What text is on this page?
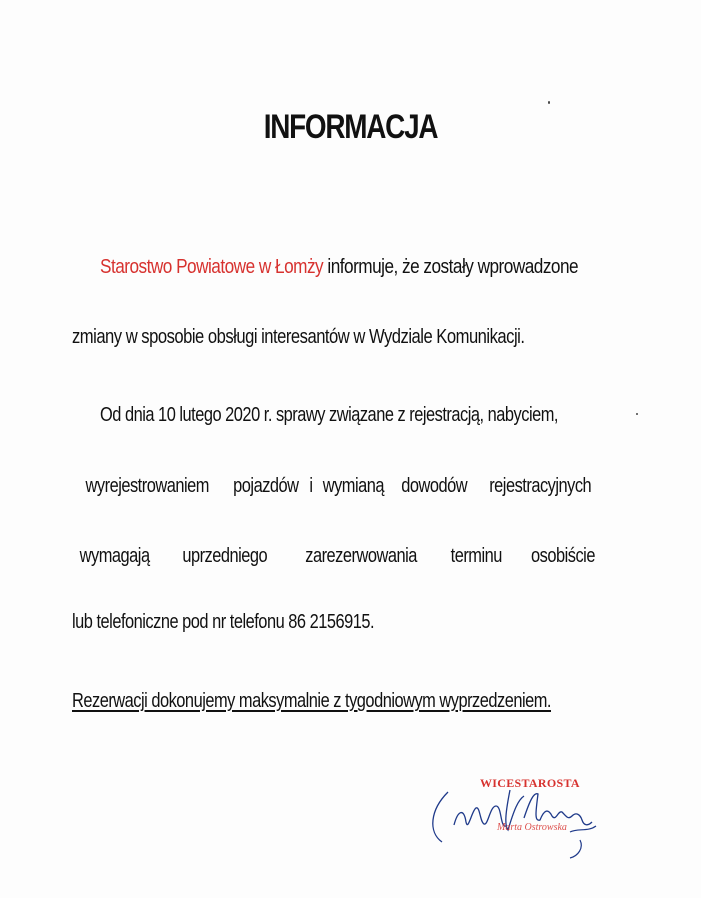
INFORMACJA
Starostwo Powiatowe w Łomży informuje, że zostały wprowadzone
zmiany w sposobie obsługi interesantów w Wydziale Komunikacji.
Od dnia 10 lutego 2020 r. sprawy związane z rejestracją, nabyciem,
wyrejestrowaniem pojazdów i wymianą dowodów rejestracyjnych
wymagają uprzedniego zarezerwowania terminu osobiście
lub telefoniczne pod nr telefonu 86 2156915.
Rezerwacji dokonujemy maksymalnie z tygodniowym wyprzedzeniem.
WICESTAROSTA
Marta Ostrowska
